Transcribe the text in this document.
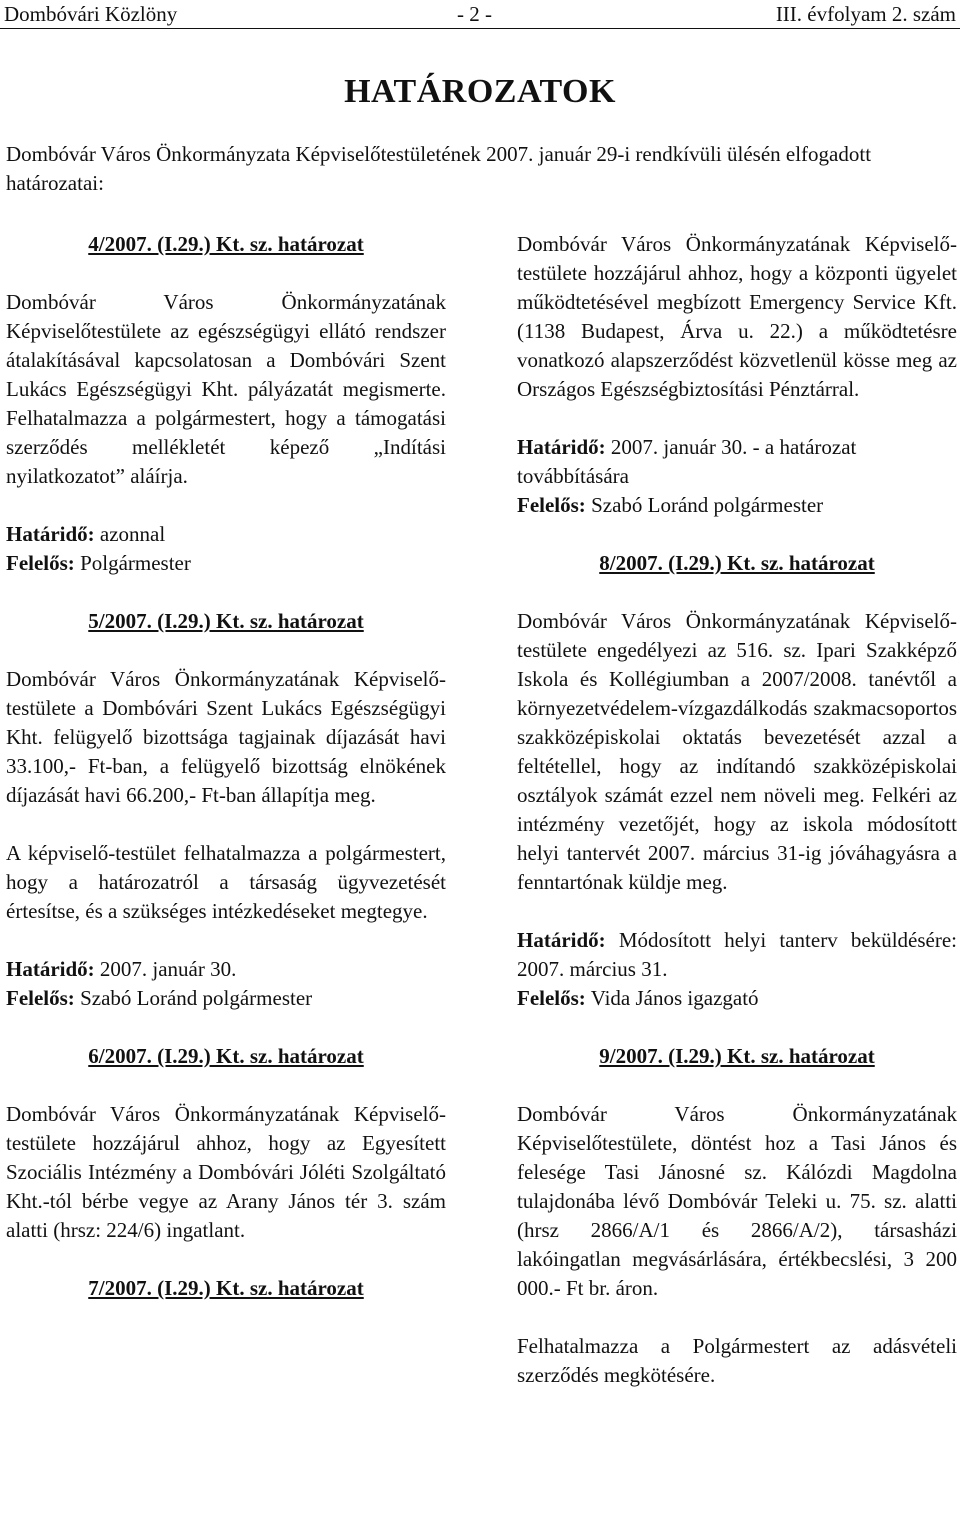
Dombóvári Közlöny	- 2 -	III. évfolyam 2. szám
HATÁROZATOK
Dombóvár Város Önkormányzata Képviselőtestületének 2007. január 29-i rendkívüli ülésén elfogadott határozatai:
4/2007. (I.29.) Kt. sz. határozat
Dombóvár Város Önkormányzatának Képviselőtestülete az egészségügyi ellátó rendszer átalakításával kapcsolatosan a Dombóvári Szent Lukács Egészségügyi Kht. pályázatát megismerte. Felhatalmazza a polgármestert, hogy a támogatási szerződés mellékletét képező „Indítási nyilatkozatot” aláírja.

Határidő: azonnal

Felelős: Polgármester

5/2007. (I.29.) Kt. sz. határozat
Dombóvár Város Önkormányzatának Képviselő-testülete a Dombóvári Szent Lukács Egészségügyi Kht. felügyelő bizottsága tagjainak díjazását havi 33.100,- Ft-ban, a felügyelő bizottság elnökének díjazását havi 66.200,- Ft-ban állapítja meg.
A képviselő-testület felhatalmazza a polgármestert, hogy a határozatról a társaság ügyvezetését értesítse, és a szükséges intézkedéseket megtegye.

Határidő: 2007. január 30.

Felelős: Szabó Loránd polgármester

6/2007. (I.29.) Kt. sz. határozat
Dombóvár Város Önkormányzatának Képviselő-testülete hozzájárul ahhoz, hogy az Egyesített Szociális Intézmény a Dombóvári Jóléti Szolgáltató Kht.-tól bérbe vegye az Arany János tér 3. szám alatti (hrsz: 224/6) ingatlant.
7/2007. (I.29.) Kt. sz. határozat
Dombóvár Város Önkormányzatának Képviselő-testülete hozzájárul ahhoz, hogy a központi ügyelet működtetésével megbízott Emergency Service Kft. (1138 Budapest, Árva u. 22.) a működtetésre vonatkozó alapszerződést közvetlenül kösse meg az Országos Egészségbiztosítási Pénztárral.

Határidő: 2007. január 30. - a határozat továbbítására

Felelős: Szabó Loránd polgármester

8/2007. (I.29.) Kt. sz. határozat
Dombóvár Város Önkormányzatának Képviselő-testülete engedélyezi az 516. sz. Ipari Szakképző Iskola és Kollégiumban a 2007/2008. tanévtől a környezetvédelem-vízgazdálkodás szakmacsoportos szakközépiskolai oktatás bevezetését azzal a feltétellel, hogy az indítandó szakközépiskolai osztályok számát ezzel nem növeli meg. Felkéri az intézmény vezetőjét, hogy az iskola módosított helyi tantervét 2007. március 31-ig jóváhagyásra a fenntartónak küldje meg.

Határidő: Módosított helyi tanterv beküldésére: 2007. március 31.

Felelős: Vida János igazgató

9/2007. (I.29.) Kt. sz. határozat
Dombóvár Város Önkormányzatának Képviselőtestülete, döntést hoz a Tasi János és felesége Tasi Jánosné sz. Kálózdi Magdolna tulajdonába lévő Dombóvár Teleki u. 75. sz. alatti (hrsz 2866/A/1 és 2866/A/2), társasházi lakóingatlan megvásárlására, értékbecslési, 3 200 000.- Ft br. áron.
Felhatalmazza a Polgármestert az adásvételi szerződés megkötésére.
